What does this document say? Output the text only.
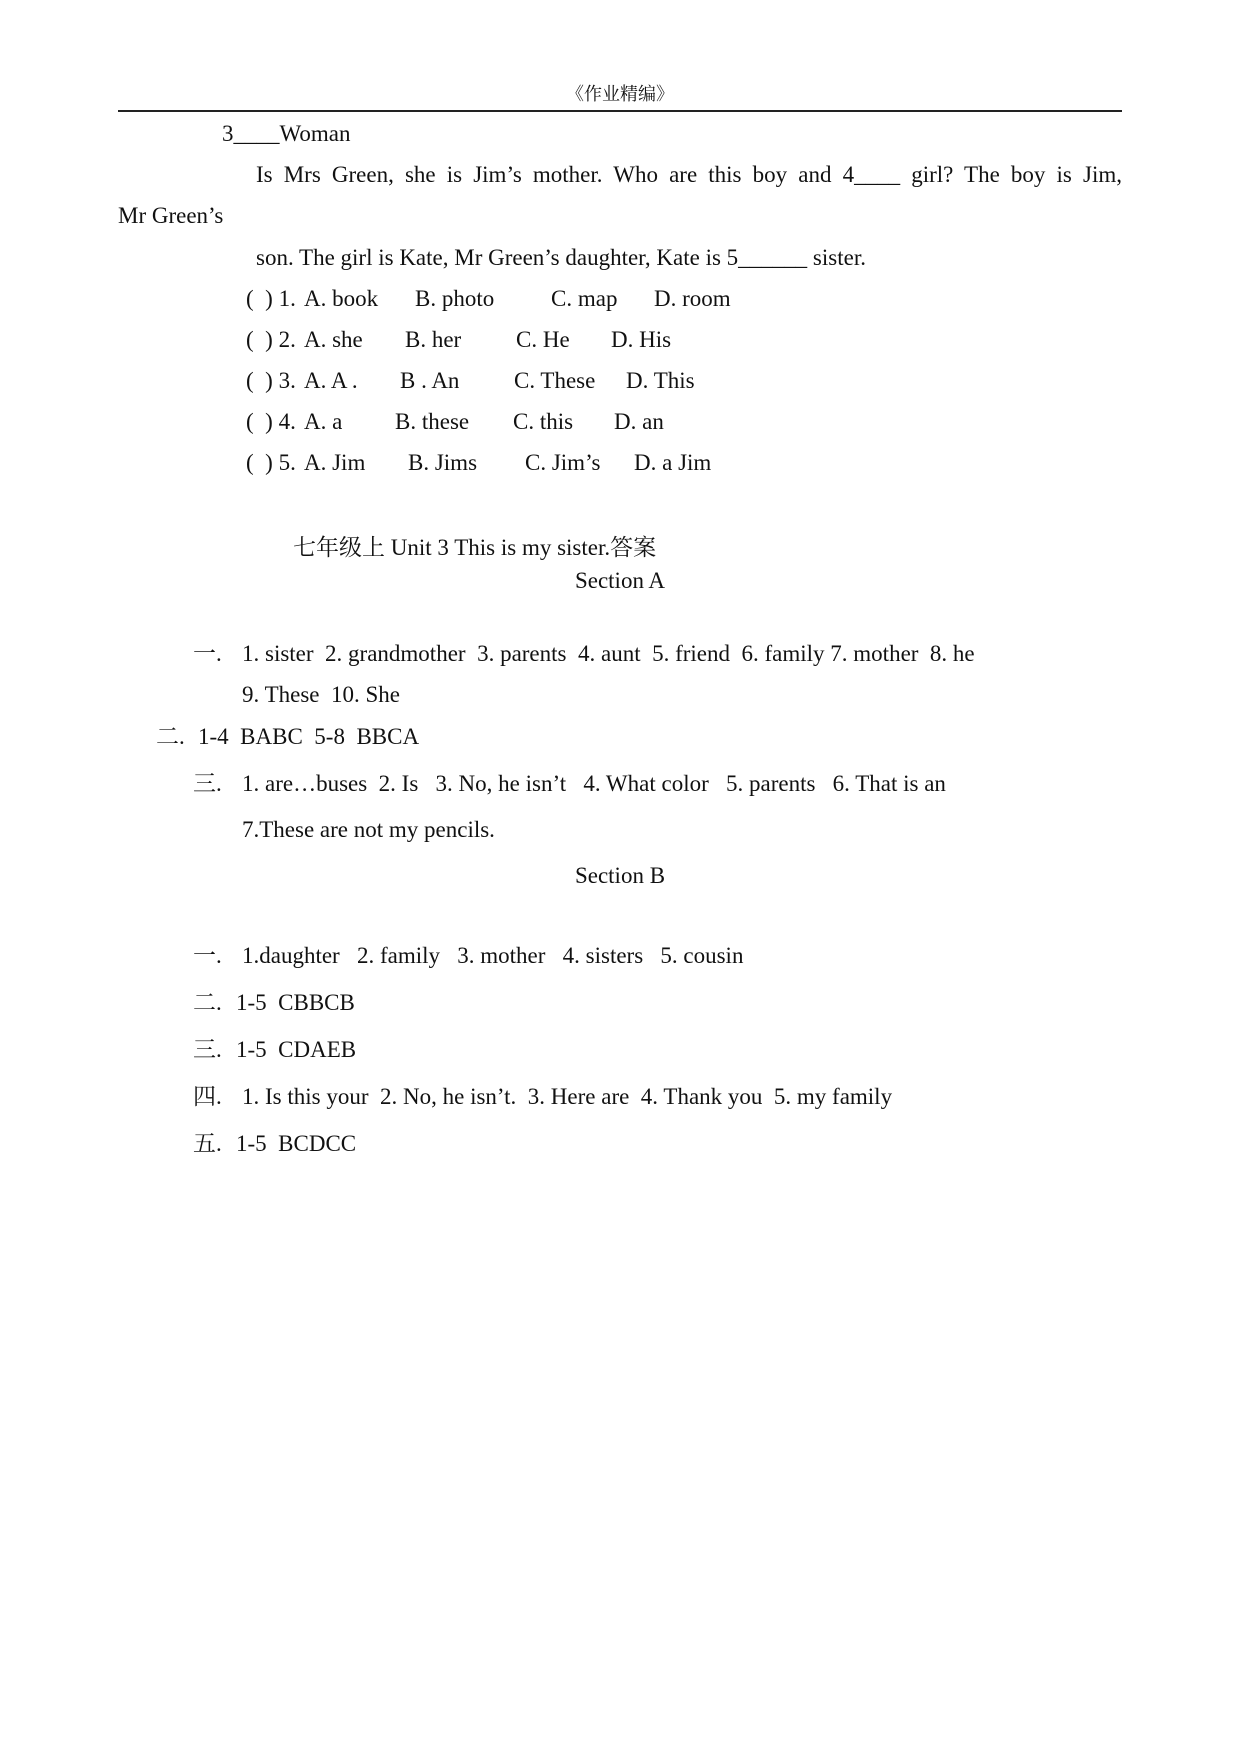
《作业精编》
3____Woman
Is Mrs Green, she is Jim’s mother. Who are this boy and 4____ girl? The boy is Jim,
Mr Green’s
son. The girl is Kate, Mr Green’s daughter, Kate is 5______ sister.
(  ) 1. A. book B. photo C. map D. room
(  ) 2. A. she B. her C. He D. His
(  ) 3. A. A . B . An C. These D. This
(  ) 4. A. a B. these C. this D. an
(  ) 5. A. Jim B. Jims C. Jim’s D. a Jim
七年级上 Unit 3 This is my sister.答案
Section A
一. 1. sister  2. grandmother  3. parents  4. aunt  5. friend  6. family 7. mother  8. he
9. These  10. She
二. 1-4  BABC  5-8  BBCA
三. 1. are…buses  2. Is   3. No, he isn’t   4. What color   5. parents   6. That is an
7.These are not my pencils.
Section B
一. 1.daughter   2. family   3. mother   4. sisters   5. cousin
二. 1-5  CBBCB
三. 1-5  CDAEB
四. 1. Is this your  2. No, he isn’t.  3. Here are  4. Thank you  5. my family
五. 1-5  BCDCC
